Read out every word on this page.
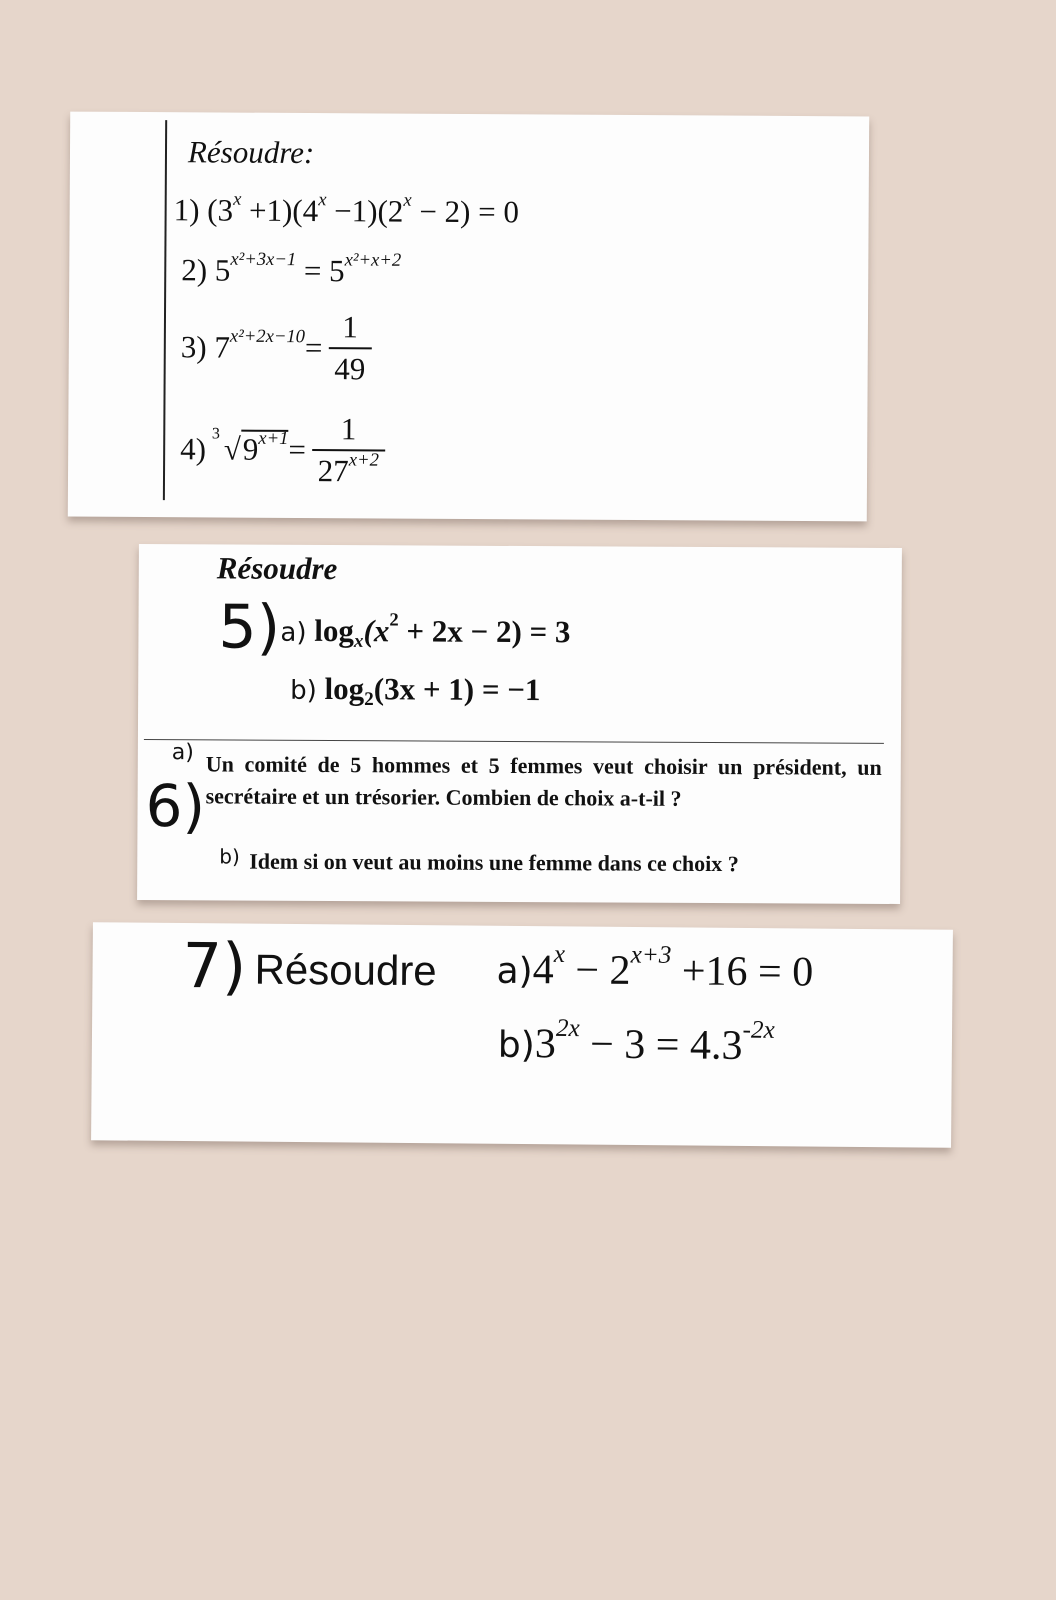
Résoudre:
1) $(3^x +1)(4^x -1)(2^x - 2) = 0$
2) $5^{x^2+3x-1} = 5^{x^2+x+2}$
3)
$7^{x^2+2x-10} = \frac{1}{49}$
4)
3 $√9^{x+1} = \frac{1}{27^{x+2}}$
Résoudre
5) a) $\log_x(x^2 + 2x - 2) = 3$
b) $\log_2(3x + 1) = -1$
6)
a) Un comité de 5 hommes et 5 femmes veut choisir un président, un secrétaire et un trésorier. Combien de choix a-t-il ?
b) Idem si on veut au moins une femme dans ce choix ?
7) Résoudre $a)4^x - 2^{x+3} +16 = 0$
$b)3^{2x} - 3 = 4.3^{-2x}$
